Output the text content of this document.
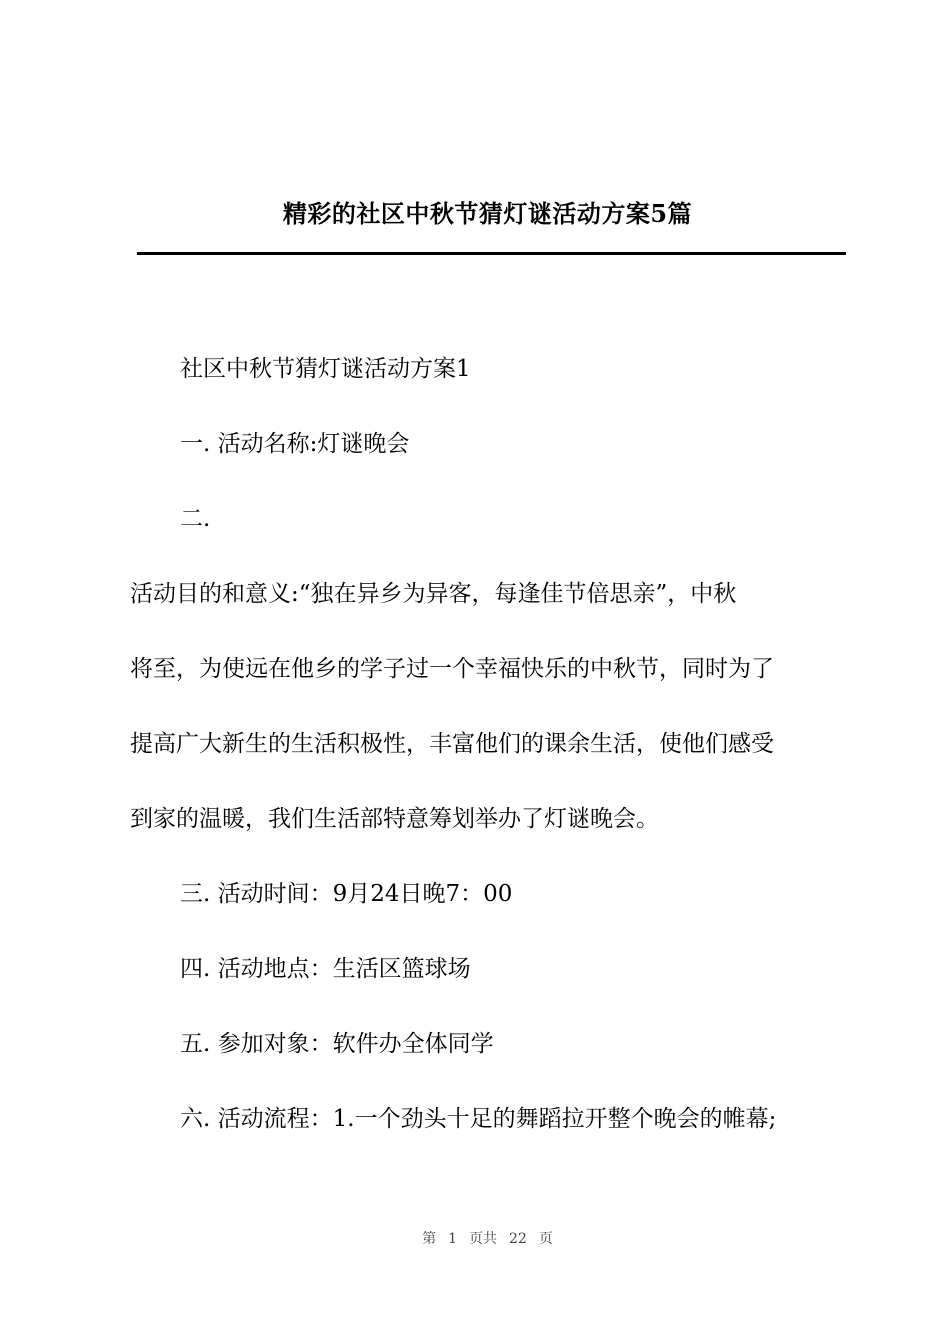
精彩的社区中秋节猜灯谜活动方案5篇
社区中秋节猜灯谜活动方案1
一. 活动名称:灯谜晚会
二.
活动目的和意义:“独在异乡为异客，每逢佳节倍思亲”，中秋
将至，为使远在他乡的学子过一个幸福快乐的中秋节，同时为了
提高广大新生的生活积极性，丰富他们的课余生活，使他们感受
到家的温暖，我们生活部特意筹划举办了灯谜晚会。
三. 活动时间：9月24日晚7：00
四. 活动地点：生活区篮球场
五. 参加对象：软件办全体同学
六. 活动流程：1.一个劲头十足的舞蹈拉开整个晚会的帷幕;
第 1 页共 22 页
